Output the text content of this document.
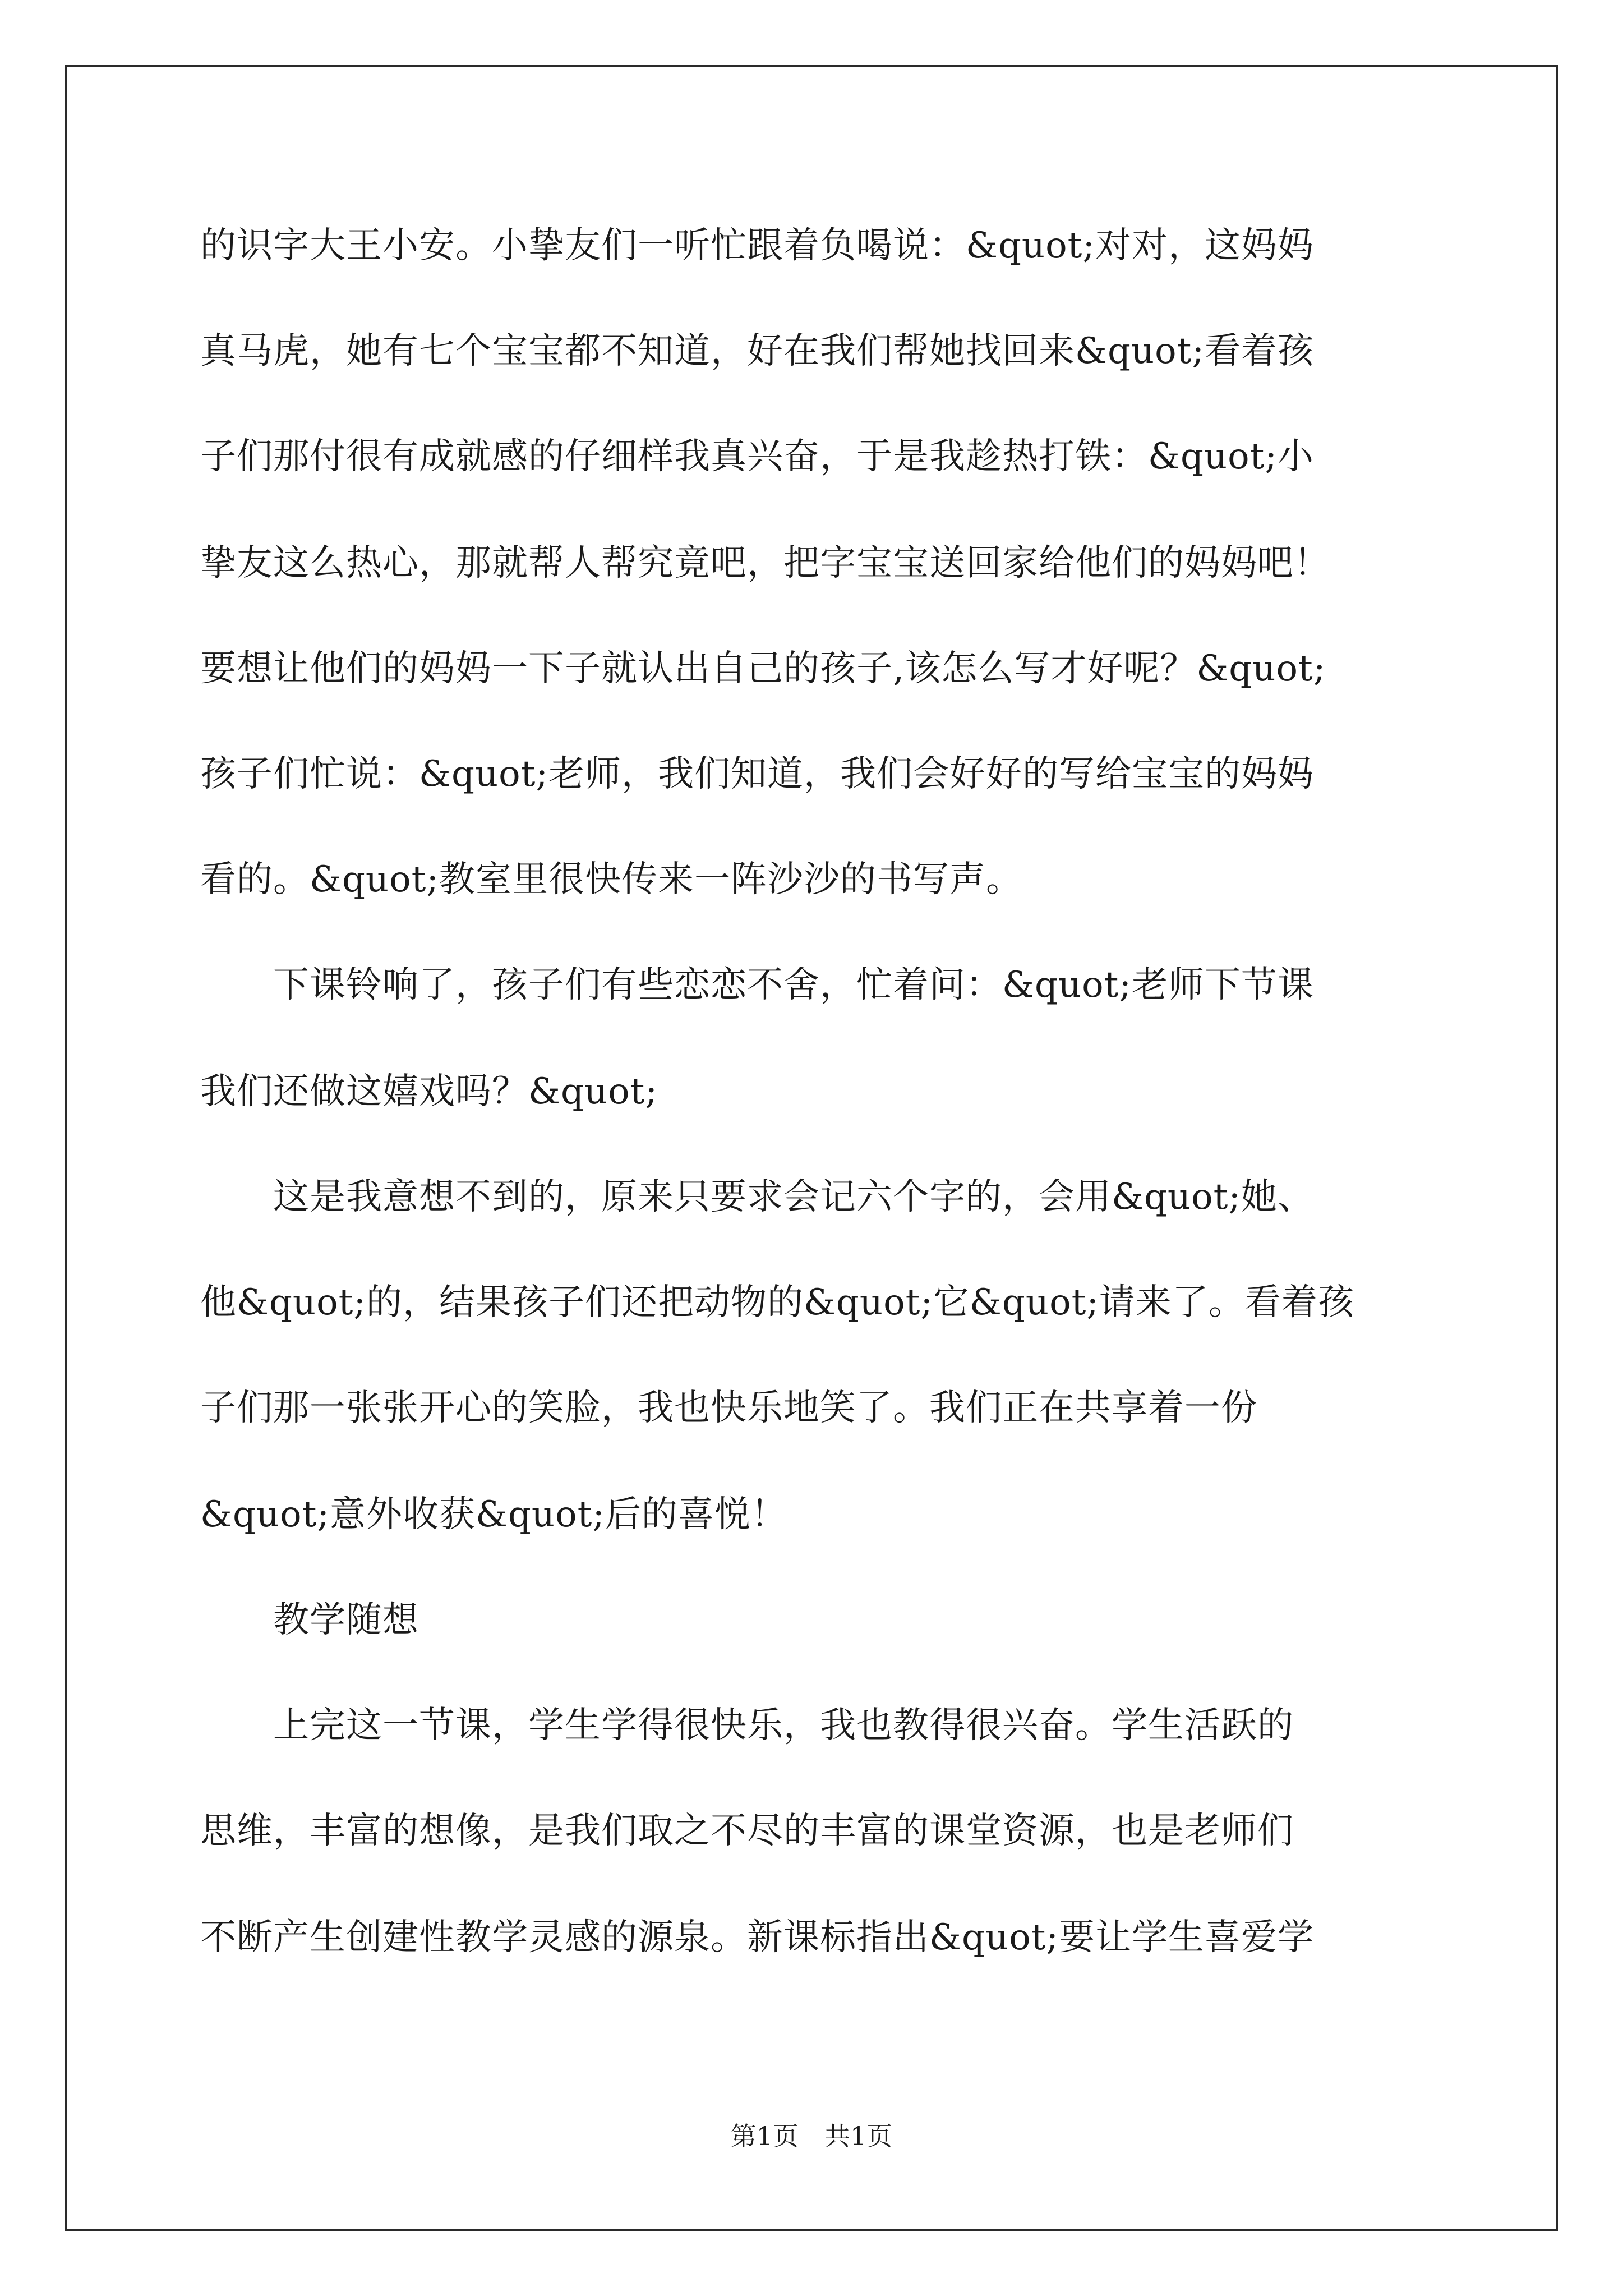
的识字大王小安。小挚友们一听忙跟着负喝说：&quot;对对，这妈妈
真马虎，她有七个宝宝都不知道，好在我们帮她找回来&quot;看着孩
子们那付很有成就感的仔细样我真兴奋，于是我趁热打铁：&quot;小
挚友这么热心，那就帮人帮究竟吧，把字宝宝送回家给他们的妈妈吧！
要想让他们的妈妈一下子就认出自己的孩子,该怎么写才好呢？&quot;
孩子们忙说：&quot;老师，我们知道，我们会好好的写给宝宝的妈妈
看的。&quot;教室里很快传来一阵沙沙的书写声。
　　下课铃响了，孩子们有些恋恋不舍，忙着问：&quot;老师下节课
我们还做这嬉戏吗？&quot;
　　这是我意想不到的，原来只要求会记六个字的，会用&quot;她、
他&quot;的，结果孩子们还把动物的&quot;它&quot;请来了。看着孩
子们那一张张开心的笑脸，我也快乐地笑了。我们正在共享着一份
&quot;意外收获&quot;后的喜悦！
　　教学随想
　　上完这一节课，学生学得很快乐，我也教得很兴奋。学生活跃的
思维，丰富的想像，是我们取之不尽的丰富的课堂资源，也是老师们
不断产生创建性教学灵感的源泉。新课标指出&quot;要让学生喜爱学
第1页　共1页
